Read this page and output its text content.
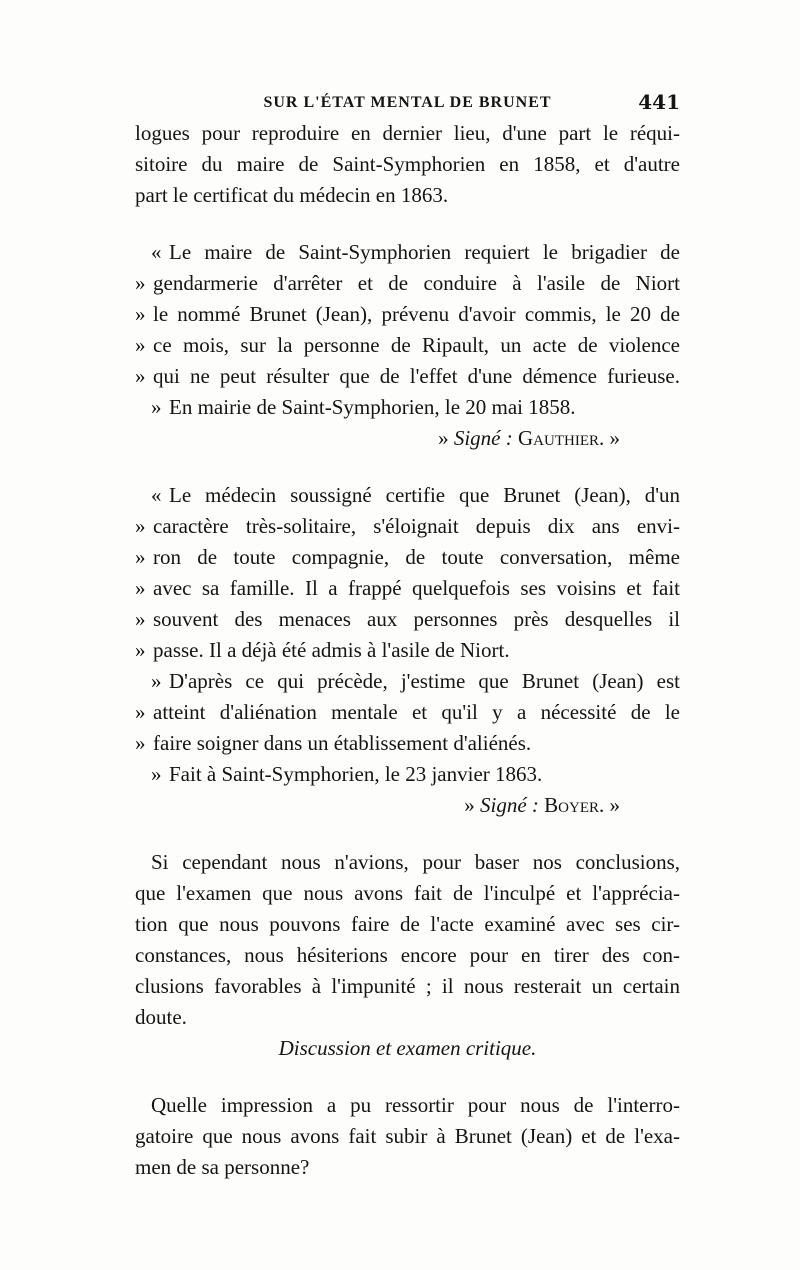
SUR L'ÉTAT MENTAL DE BRUNET	441
logues pour reproduire en dernier lieu, d'une part le réqui-
sitoire du maire de Saint-Symphorien en 1858, et d'autre
part le certificat du médecin en 1863.
« Le maire de Saint-Symphorien requiert le brigadier de
» gendarmerie d'arrêter et de conduire à l'asile de Niort
» le nommé Brunet (Jean), prévenu d'avoir commis, le 20 de
» ce mois, sur la personne de Ripault, un acte de violence
» qui ne peut résulter que de l'effet d'une démence furieuse.
» En mairie de Saint-Symphorien, le 20 mai 1858.
» Signé : Gauthier. »
« Le médecin soussigné certifie que Brunet (Jean), d'un
» caractère très-solitaire, s'éloignait depuis dix ans envi-
» ron de toute compagnie, de toute conversation, même
» avec sa famille. Il a frappé quelquefois ses voisins et fait
» souvent des menaces aux personnes près desquelles il
» passe. Il a déjà été admis à l'asile de Niort.
» D'après ce qui précède, j'estime que Brunet (Jean) est
» atteint d'aliénation mentale et qu'il y a nécessité de le
» faire soigner dans un établissement d'aliénés.
» Fait à Saint-Symphorien, le 23 janvier 1863.
» Signé : Boyer. »
Si cependant nous n'avions, pour baser nos conclusions,
que l'examen que nous avons fait de l'inculpé et l'apprécia-
tion que nous pouvons faire de l'acte examiné avec ses cir-
constances, nous hésiterions encore pour en tirer des con-
clusions favorables à l'impunité ; il nous resterait un certain
doute.
Discussion et examen critique.
Quelle impression a pu ressortir pour nous de l'interro-
gatoire que nous avons fait subir à Brunet (Jean) et de l'exa-
men de sa personne?
